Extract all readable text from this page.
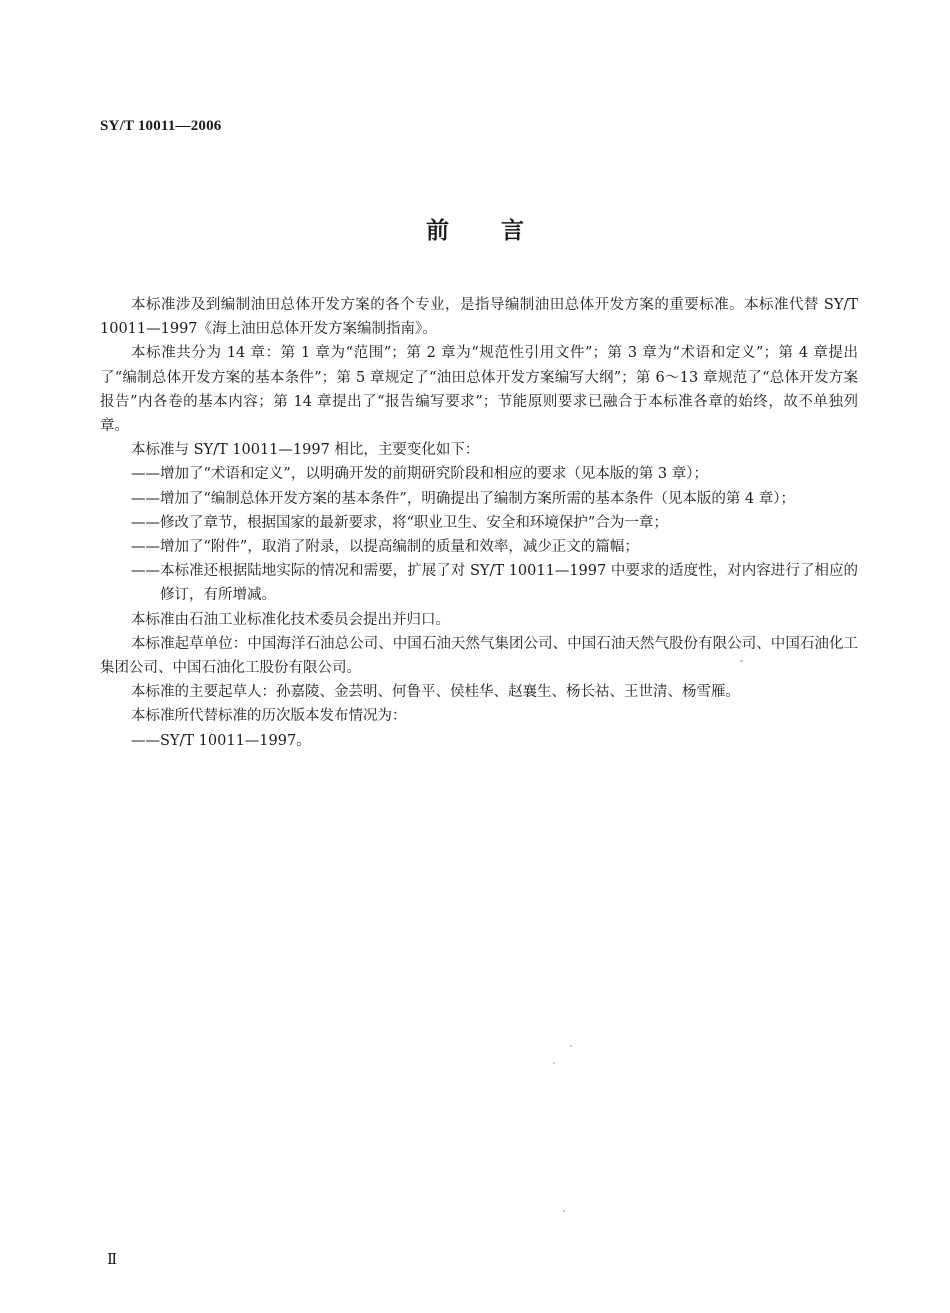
SY/T 10011—2006
前言

本标准涉及到编制油田总体开发方案的各个专业，是指导编制油田总体开发方案的重要标准。本标准代替 SY/T 10011—1997《海上油田总体开发方案编制指南》。

本标准共分为 14 章：第 1 章为“范围”；第 2 章为“规范性引用文件”；第 3 章为“术语和定义”；第 4 章提出了“编制总体开发方案的基本条件”；第 5 章规定了“油田总体开发方案编写大纲”；第 6～13 章规范了“总体开发方案报告”内各卷的基本内容；第 14 章提出了“报告编写要求”；节能原则要求已融合于本标准各章的始终，故不单独列章。

本标准与 SY/T 10011—1997 相比，主要变化如下：

——增加了“术语和定义”，以明确开发的前期研究阶段和相应的要求（见本版的第 3 章）；

——增加了“编制总体开发方案的基本条件”，明确提出了编制方案所需的基本条件（见本版的第 4 章）；

——修改了章节，根据国家的最新要求，将“职业卫生、安全和环境保护”合为一章；

——增加了“附件”，取消了附录，以提高编制的质量和效率，减少正文的篇幅；

——本标准还根据陆地实际的情况和需要，扩展了对 SY/T 10011—1997 中要求的适度性，对内容进行了相应的修订，有所增减。

本标准由石油工业标准化技术委员会提出并归口。

本标准起草单位：中国海洋石油总公司、中国石油天然气集团公司、中国石油天然气股份有限公司、中国石油化工集团公司、中国石油化工股份有限公司。

本标准的主要起草人：孙嘉陵、金芸明、何鲁平、侯桂华、赵襄生、杨长祜、王世清、杨雪雁。

本标准所代替标准的历次版本发布情况为：

——SY/T 10011—1997。

Ⅱ
